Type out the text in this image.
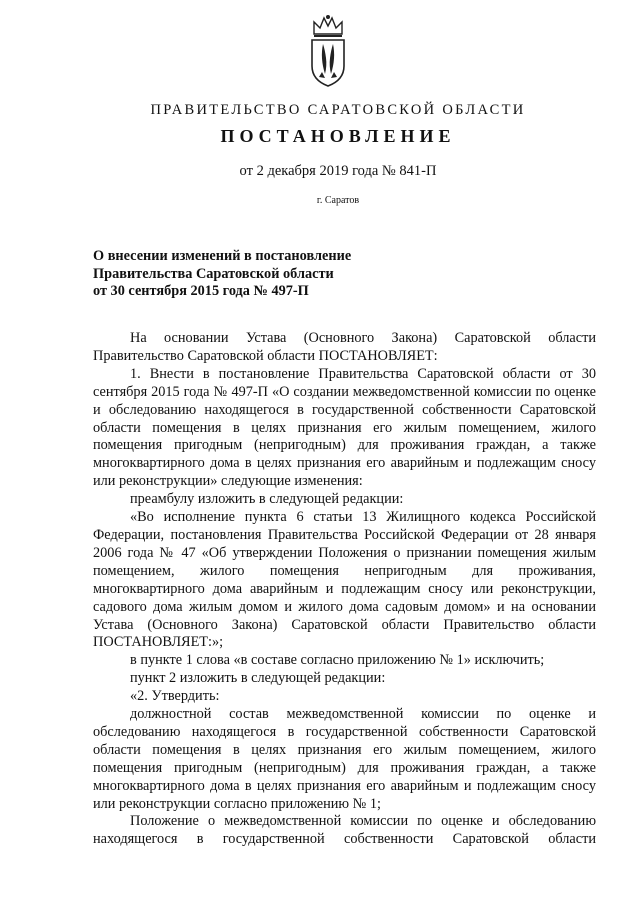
ПРАВИТЕЛЬСТВО САРАТОВСКОЙ ОБЛАСТИ
ПОСТАНОВЛЕНИЕ
от 2 декабря 2019 года № 841-П
г. Саратов
О внесении изменений в постановление
Правительства Саратовской области
от 30 сентября 2015 года № 497-П

На основании Устава (Основного Закона) Саратовской области Правительство Саратовской области ПОСТАНОВЛЯЕТ:

1. Внести в постановление Правительства Саратовской области от 30 сентября 2015 года № 497-П «О создании межведомственной комиссии по оценке и обследованию находящегося в государственной собственности Саратовской области помещения в целях признания его жилым помещением, жилого помещения пригодным (непригодным) для проживания граждан, а также многоквартирного дома в целях признания его аварийным и подлежащим сносу или реконструкции» следующие изменения:

преамбулу изложить в следующей редакции:

«Во исполнение пункта 6 статьи 13 Жилищного кодекса Российской Федерации, постановления Правительства Российской Федерации от 28 января 2006 года № 47 «Об утверждении Положения о признании помещения жилым помещением, жилого помещения непригодным для проживания, многоквартирного дома аварийным и подлежащим сносу или реконструкции, садового дома жилым домом и жилого дома садовым домом» и на основании Устава (Основного Закона) Саратовской области Правительство области ПОСТАНОВЛЯЕТ:»;

в пункте 1 слова «в составе согласно приложению № 1» исключить;

пункт 2 изложить в следующей редакции:

«2. Утвердить:

должностной состав межведомственной комиссии по оценке и обследованию находящегося в государственной собственности Саратовской области помещения в целях признания его жилым помещением, жилого помещения пригодным (непригодным) для проживания граждан, а также многоквартирного дома в целях признания его аварийным и подлежащим сносу или реконструкции согласно приложению № 1;

Положение о межведомственной комиссии по оценке и обследованию находящегося в государственной собственности Саратовской области
